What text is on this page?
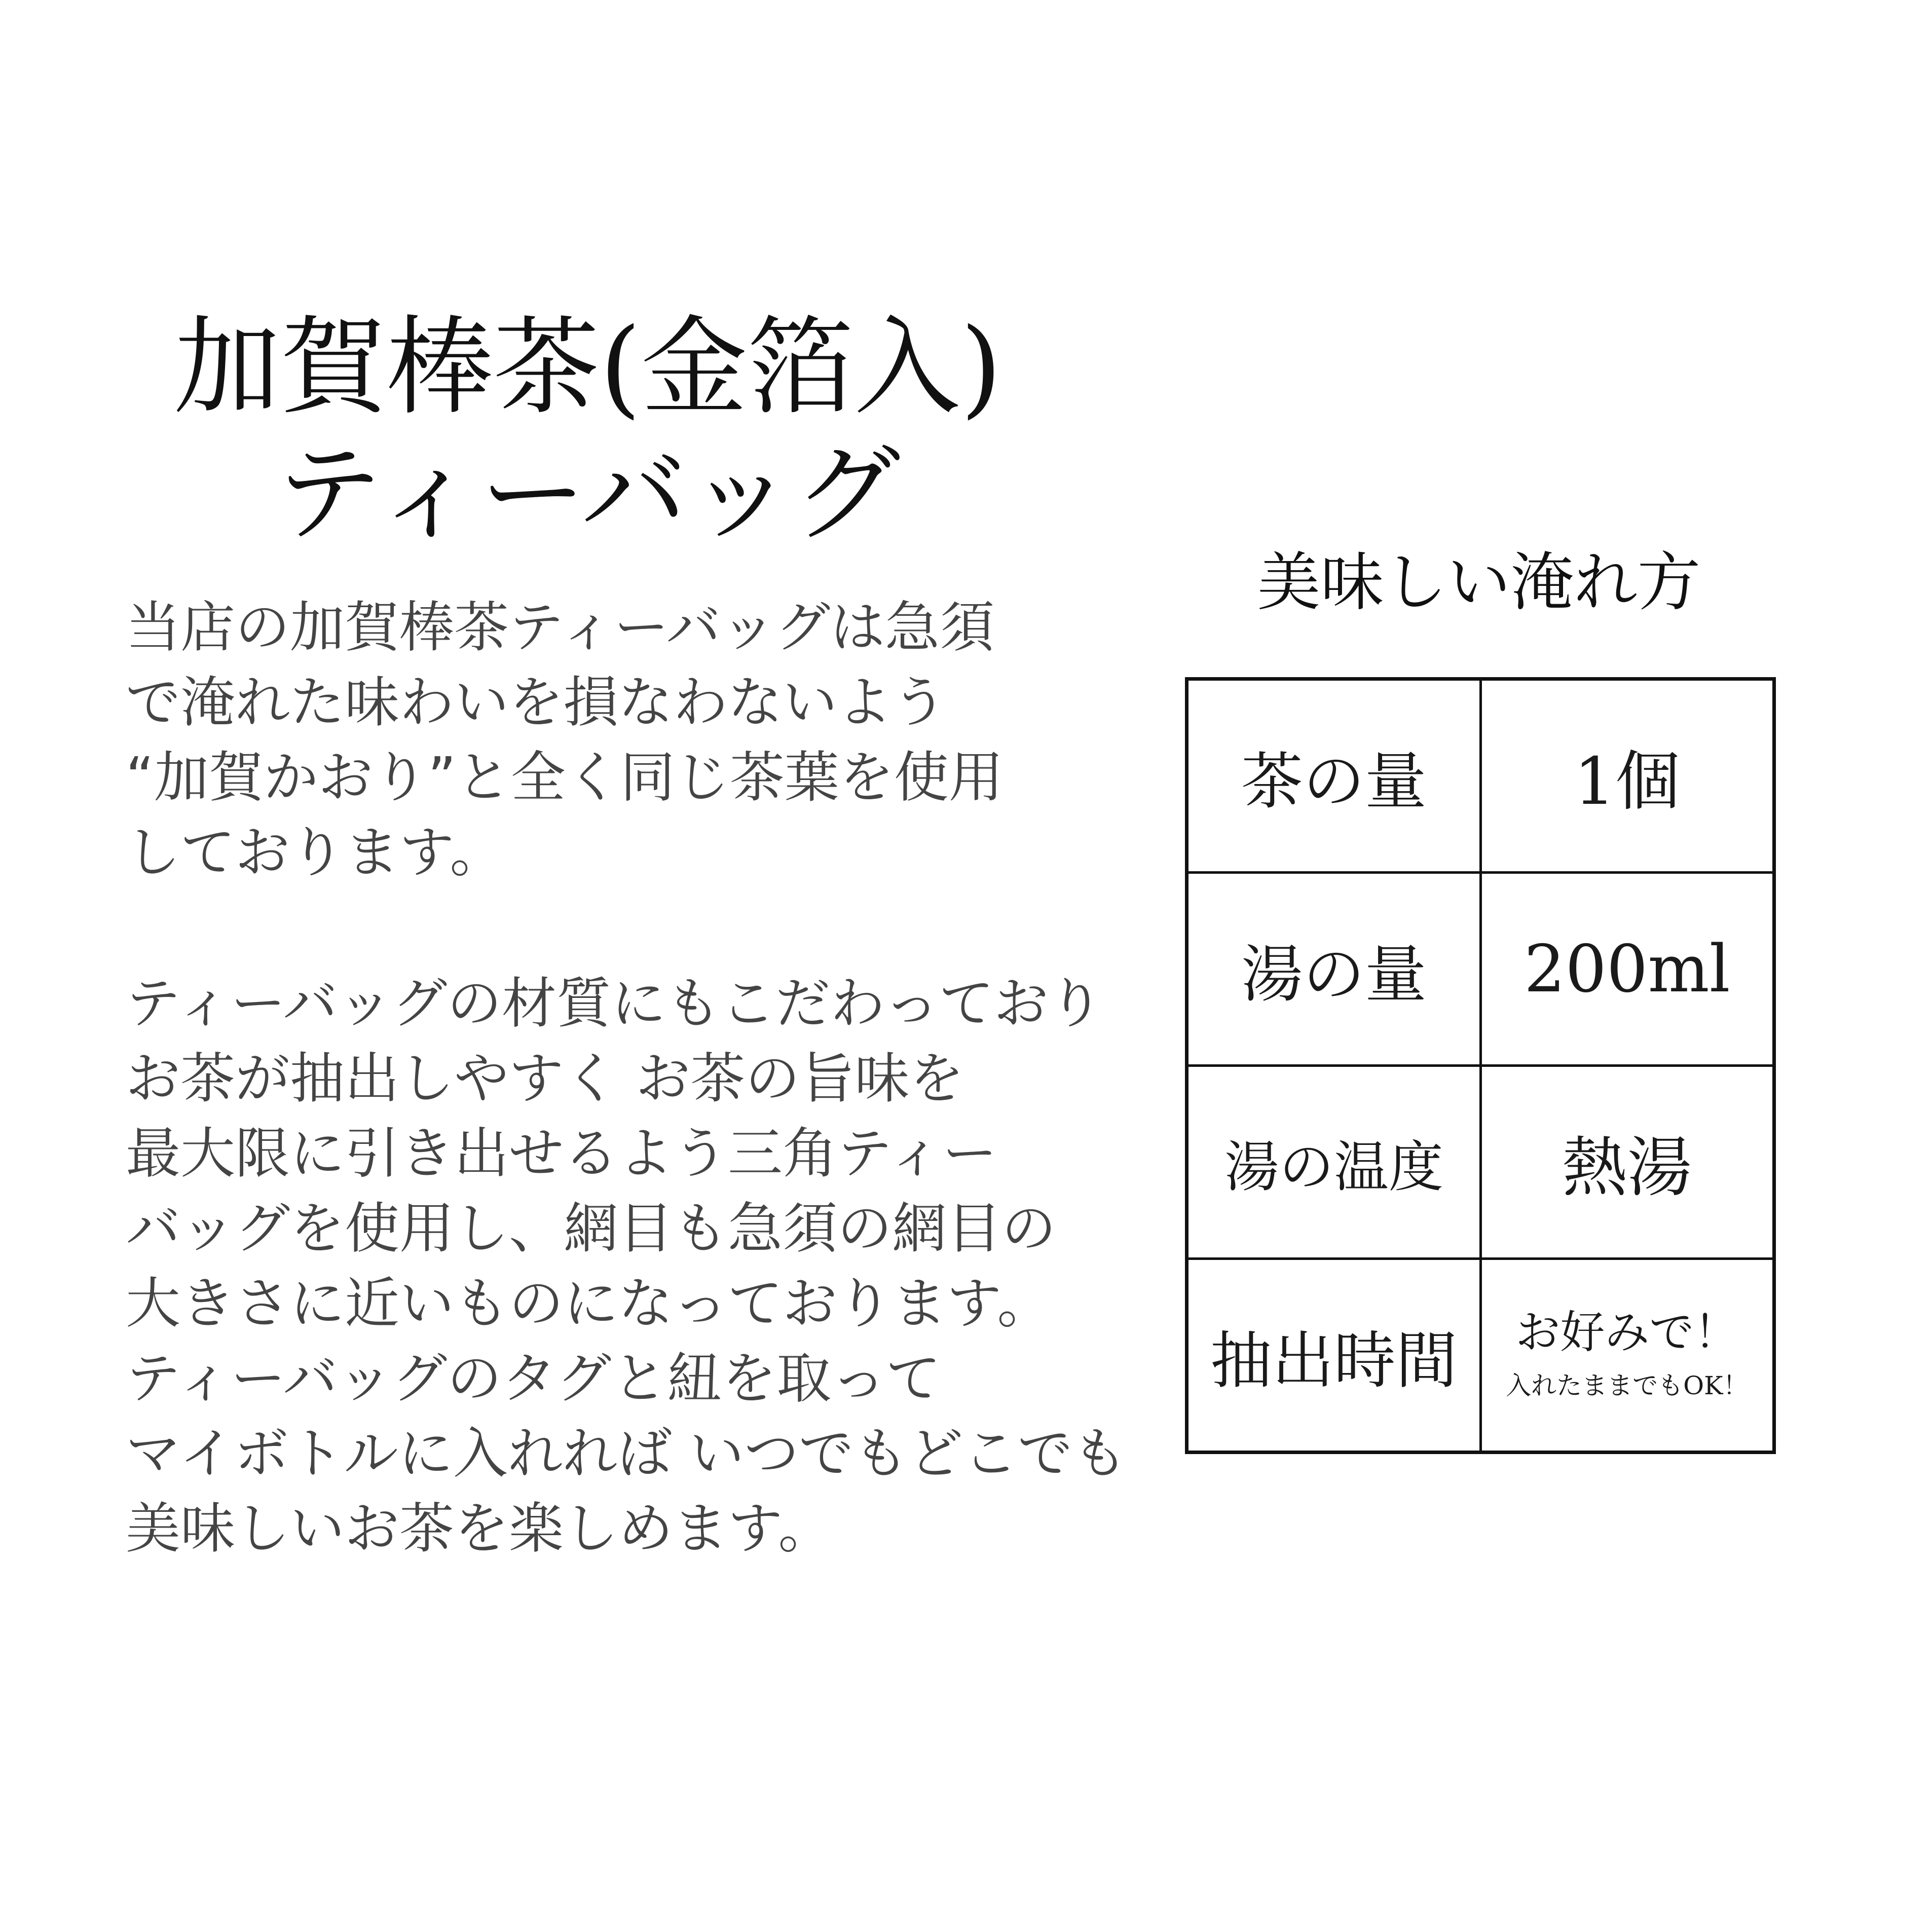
加賀棒茶(金箔入)
ティーバッグ
当店の加賀棒茶ティーバッグは急須
で淹れた味わいを損なわないよう
“加賀かおり”と全く同じ茶葉を使用
しております。
ティーバッグの材質にもこだわっており
お茶が抽出しやすく お茶の旨味を
最大限に引き出せるよう三角ティー
バッグを使用し、網目も急須の網目の
大きさに近いものになっております。
ティーバッグのタグと紐を取って
マイボトルに入れれば いつでもどこでも
美味しいお茶を楽しめます。
美味しい淹れ方
茶の量	1個
湯の量	200ml
湯の温度	熱湯
抽出時間	お好みで！
入れたままでもOK！
